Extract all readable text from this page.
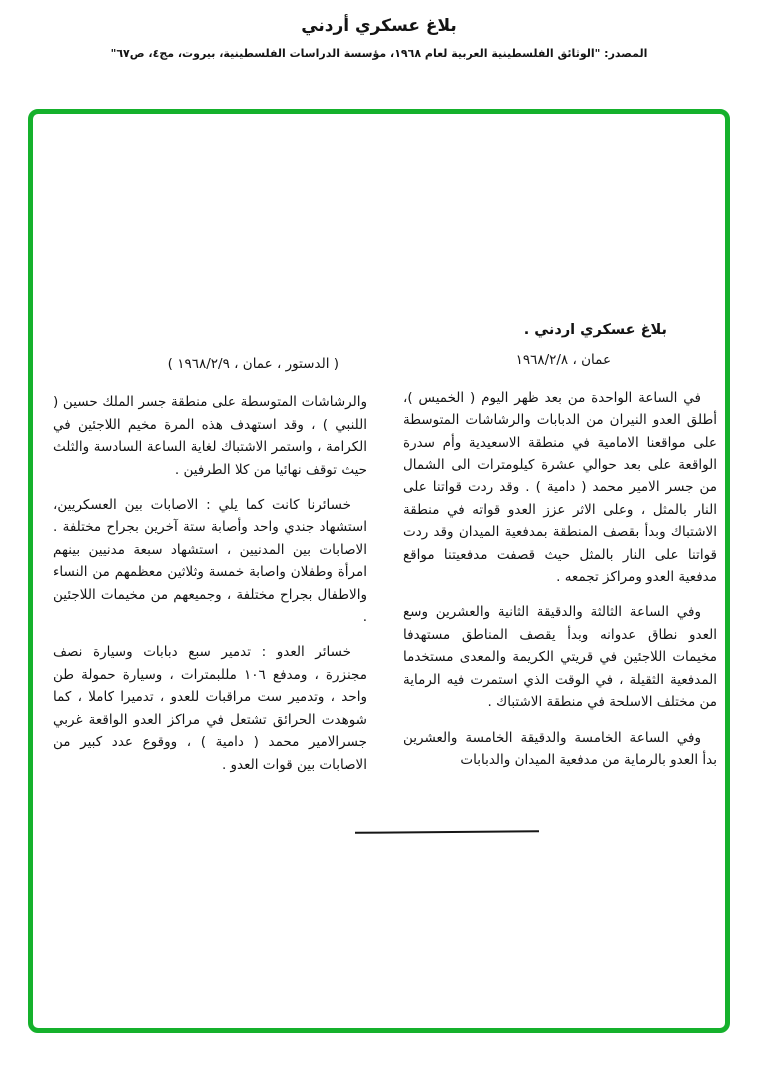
بلاغ عسكري أردني
المصدر: "الوثائق الفلسطينية العربية لعام ١٩٦٨، مؤسسة الدراسات الفلسطينية، بيروت، مج٤، ص٦٧"
بلاغ عسكري اردني .
عمان ، ١٩٦٨/٢/٨

في الساعة الواحدة من بعد ظهر اليوم ( الخميس )، أطلق العدو النيران من الدبابات والرشاشات المتوسطة على مواقعنا الامامية في منطقة الاسعيدية وأم سدرة الواقعة على بعد حوالي عشرة كيلومترات الى الشمال من جسر الامير محمد ( دامية ) . وقد ردت قواتنا على النار بالمثل ، وعلى الاثر عزز العدو قواته في منطقة الاشتباك وبدأ بقصف المنطقة بمدفعية الميدان وقد ردت قواتنا على النار بالمثل حيث قصفت مدفعيتنا مواقع مدفعية العدو ومراكز تجمعه .

وفي الساعة الثالثة والدقيقة الثانية والعشرين وسع العدو نطاق عدوانه وبدأ يقصف المناطق مستهدفا مخيمات اللاجئين في قريتي الكريمة والمعدى مستخدما المدفعية الثقيلة ، في الوقت الذي استمرت فيه الرماية من مختلف الاسلحة في منطقة الاشتباك .

وفي الساعة الخامسة والدقيقة الخامسة والعشرين بدأ العدو بالرماية من مدفعية الميدان والدبابات

( الدستور ، عمان ، ١٩٦٨/٢/٩ )

والرشاشات المتوسطة على منطقة جسر الملك حسين ( اللنبي ) ، وقد استهدف هذه المرة مخيم اللاجئين في الكرامة ، واستمر الاشتباك لغاية الساعة السادسة والثلث حيث توقف نهائيا من كلا الطرفين .

خسائرنا كانت كما يلي : الاصابات بين العسكريين، استشهاد جندي واحد وأصابة ستة آخرين بجراح مختلفة . الاصابات بين المدنيين ، استشهاد سبعة مدنيين بينهم امرأة وطفلان واصابة خمسة وثلاثين معظمهم من النساء والاطفال بجراح مختلفة ، وجميعهم من مخيمات اللاجئين .

خسائر العدو : تدمير سبع دبابات وسيارة نصف مجنزرة ، ومدفع ١٠٦ مللبمترات ، وسيارة حمولة طن واحد ، وتدمير ست مراقبات للعدو ، تدميرا كاملا ، كما شوهدت الحرائق تشتعل في مراكز العدو الواقعة غربي جسرالامير محمد ( دامية ) ، ووقوع عدد كبير من الاصابات بين قوات العدو .
